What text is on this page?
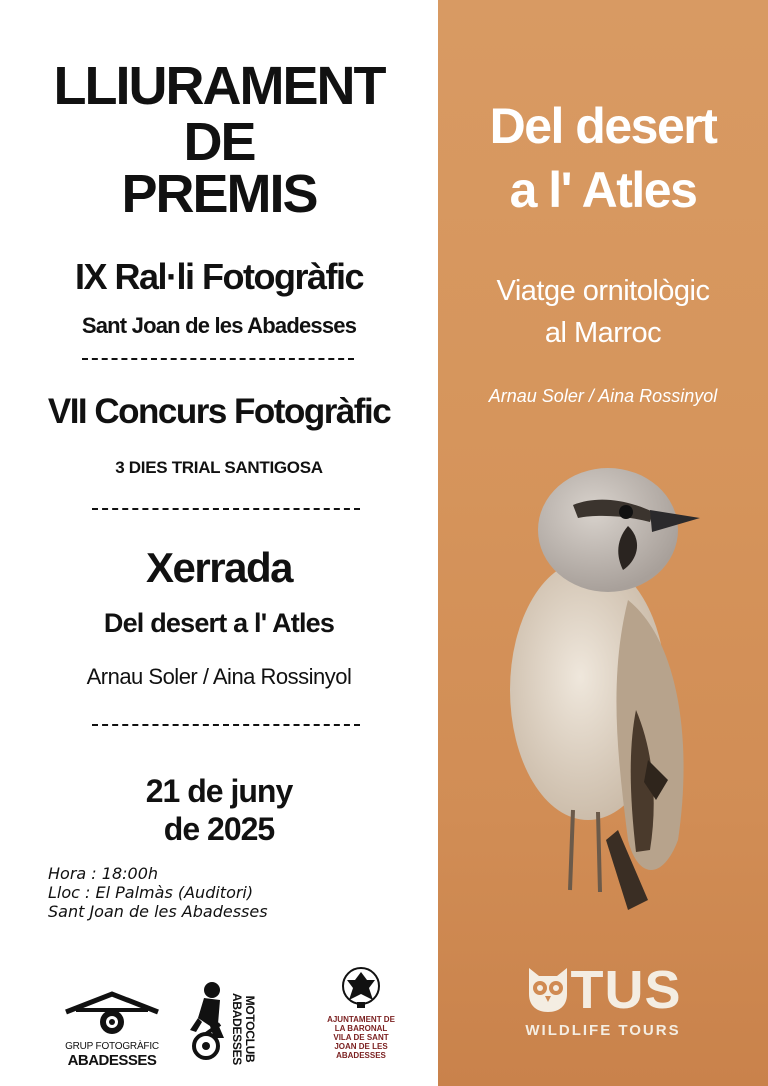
LLIURAMENT
DE
PREMIS
IX Ral·li Fotogràfic
Sant Joan de les Abadesses
VII Concurs Fotogràfic
3 DIES TRIAL SANTIGOSA
Xerrada
Del desert a l' Atles
Arnau Soler / Aina Rossinyol
21 de juny
de 2025
Hora : 18:00h
Lloc : El Palmàs (Auditori)
Sant Joan de les Abadesses
GRUP FOTOGRÀFIC
ABADESSES	MOTOCLUB ABADESSES	AJUNTAMENT DE
LA BARONAL
VILA DE SANT
JOAN DE LES
ABADESSES
Del desert
a l' Atles
Viatge ornitològic
al Marroc
Arnau Soler / Aina Rossinyol
TUS
WILDLIFE TOURS
